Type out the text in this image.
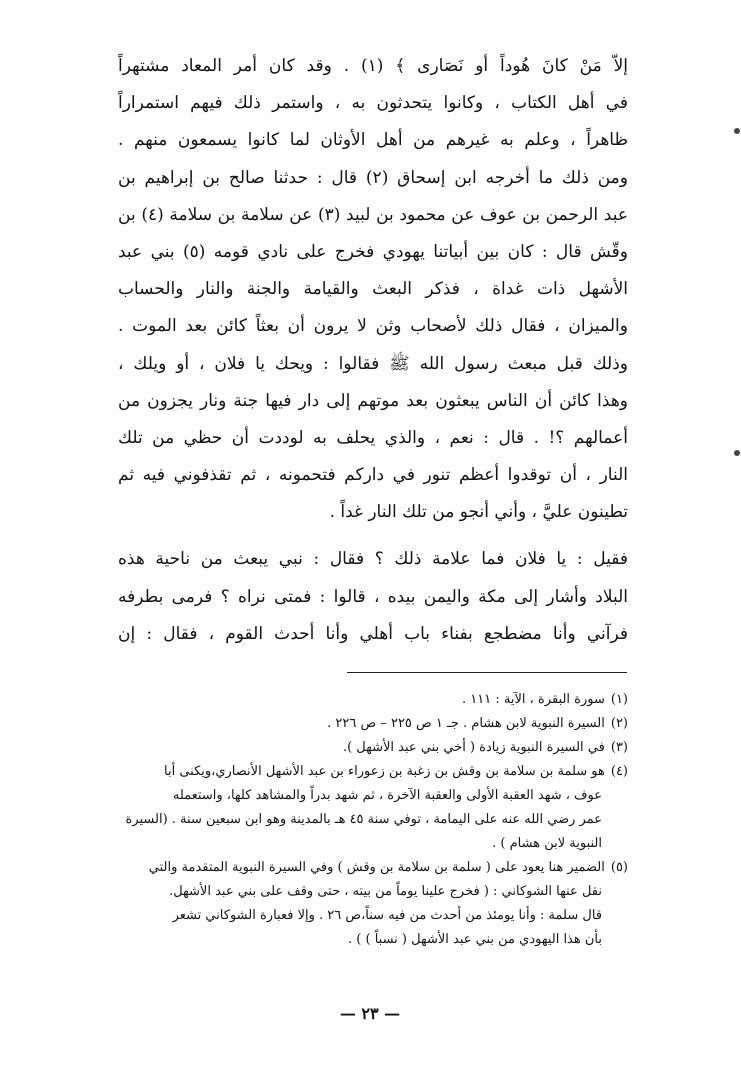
إلاّ مَنْ كانَ هُوداً أو نَصَارى ﴾ (١) . وقد كان أمر المعاد مشتهراً
في أهل الكتاب ، وكانوا يتحدثون به ، واستمر ذلك فيهم استمراراً
ظاهراً ، وعلم به غيرهم من أهل الأوثان لما كانوا يسمعون منهم .
ومن ذلك ما أخرجه ابن إسحاق (٢) قال : حدثنا صالح بن إبراهيم بن
عبد الرحمن بن عوف عن محمود بن لبيد (٣) عن سلامة بن سلامة (٤) بن
وقّش قال : كان بين أبياتنا يهودي فخرج على نادي قومه (٥) بني عبد
الأشهل ذات غداة ، فذكر البعث والقيامة والجنة والنار والحساب
والميزان ، فقال ذلك لأصحاب وثن لا يرون أن بعثاً كائن بعد الموت .
وذلك قبل مبعث رسول الله ﷺ فقالوا : ويحك يا فلان ، أو ويلك ،
وهذا كائن أن الناس يبعثون بعد موتهم إلى دار فيها جنة ونار يجزون من
أعمالهم ؟! . قال : نعم ، والذي يحلف به لوددت أن حظي من تلك
النار ، أن توقدوا أعظم تنور في داركم فتحمونه ، ثم تقذفوني فيه ثم
تطينون عليَّ ، وأني أنجو من تلك النار غداً .
فقيل : يا فلان فما علامة ذلك ؟ فقال : نبي يبعث من ناحية هذه
البلاد وأشار إلى مكة واليمن بيده ، قالوا : فمتى نراه ؟ فرمى بطرفه
فرآني وأنا مضطجع بفناء باب أهلي وأنا أحدث القوم ، فقال : إن
(١)سورة البقرة ، الآية : ١١١ .
(٢)السيرة النبوية لابن هشام . جـ ١ ص ٢٢٥ – ص ٢٢٦ .
(٣)في السيرة النبوية زيادة ( أخي بني عبد الأشهل ).
(٤)هو سلمة بن سلامة بن وقش بن زغبة بن زعوراء بن عبد الأشهل الأنصاري،ويكنى أبا
عوف ، شهد العقبة الأولى والعقبة الآخرة ، ثم شهد بدراً والمشاهد كلها، واستعمله
عمر رضي الله عنه على اليمامة ، توفي سنة ٤٥ هـ بالمدينة وهو ابن سبعين سنة . (السيرة
النبوية لابن هشام ) .
(٥)الضمير هنا يعود على ( سلمة بن سلامة بن وقش ) وفي السيرة النبوية المتقدمة والتي
نقل عنها الشوكاني : ( فخرج علينا يوماً من بيته ، حتى وقف على بني عبد الأشهل.
قال سلمة : وأنا يومئذ من أحدث من فيه سناً،ص ٢٦ . وإلا فعبارة الشوكاني تشعر
بأن هذا اليهودي من بني عبد الأشهل ( نسباً ) ) .
— ٢٣ —
